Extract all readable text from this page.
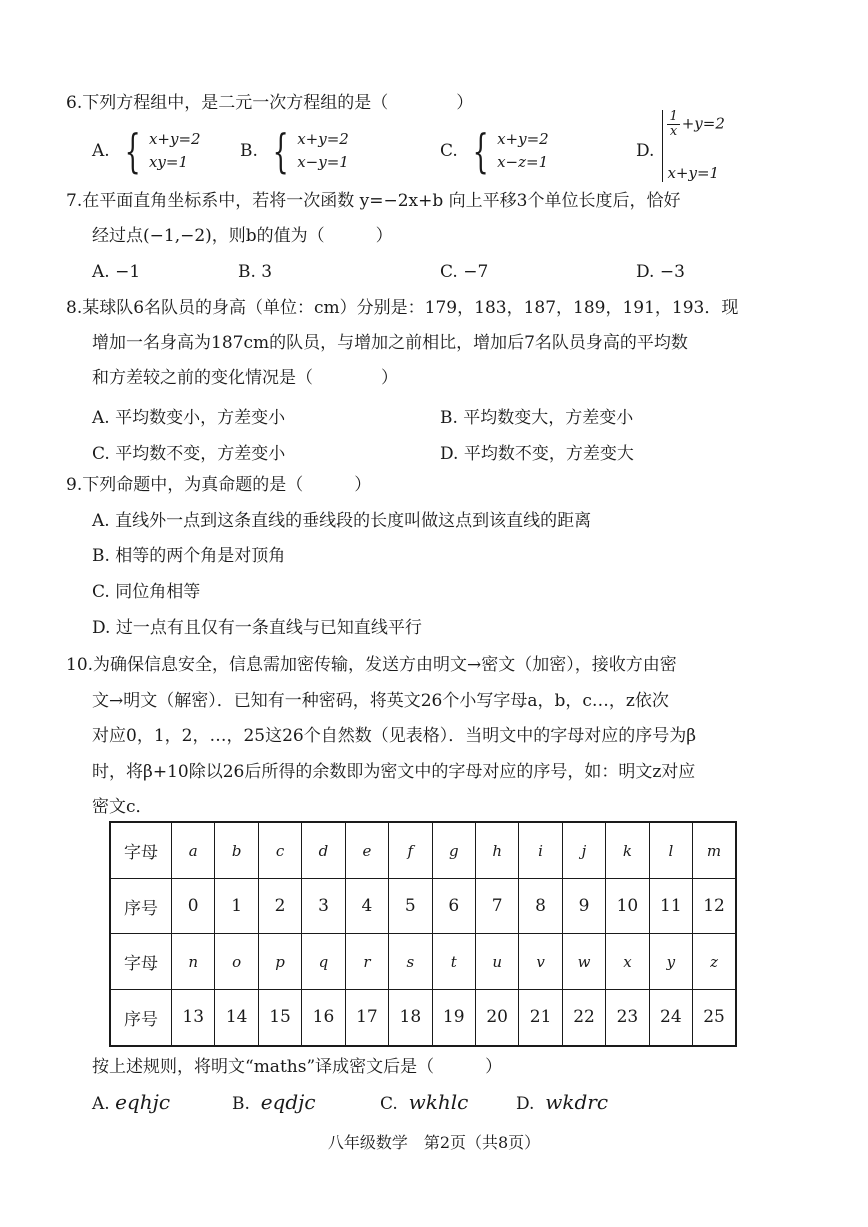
6.下列方程组中，是二元一次方程组的是（　　　　）
A. { x+y=2
xy=1
B. { x+y=2
x−y=1
C. { x+y=2
x−z=1
D.
$\frac{1}{x} +y=2$
x+y=1
7.在平面直角坐标系中，若将一次函数 y=−2x+b 向上平移3个单位长度后，恰好
经过点(−1,−2)，则b的值为（　　　）
A. −1	B. 3	C. −7	D. −3
8.某球队6名队员的身高（单位：cm）分别是：179，183，187，189，191，193．现
增加一名身高为187cm的队员，与增加之前相比，增加后7名队员身高的平均数
和方差较之前的变化情况是（　　　　）
A. 平均数变小，方差变小	B. 平均数变大，方差变小
C. 平均数不变，方差变小	D. 平均数不变，方差变大
9.下列命题中，为真命题的是（　　　）
A. 直线外一点到这条直线的垂线段的长度叫做这点到该直线的距离
B. 相等的两个角是对顶角
C. 同位角相等
D. 过一点有且仅有一条直线与已知直线平行
10.为确保信息安全，信息需加密传输，发送方由明文→密文（加密），接收方由密
文→明文（解密）．已知有一种密码，将英文26个小写字母a，b，c…，z依次
对应0，1，2，…，25这26个自然数（见表格）．当明文中的字母对应的序号为β
时，将β+10除以26后所得的余数即为密文中的字母对应的序号，如：明文z对应
密文c．
字母	a	b	c	d	e	f	g	h	i	j	k	l	m
序号	0	1	2	3	4	5	6	7	8	9	10	11	12
字母	n	o	p	q	r	s	t	u	v	w	x	y	z
序号	13	14	15	16	17	18	19	20	21	22	23	24	25
按上述规则，将明文“maths”译成密文后是（　　　）
A. eqhjc	B. eqdjc	C. wkhlc	D. wkdrc
八年级数学　第2页（共8页）
